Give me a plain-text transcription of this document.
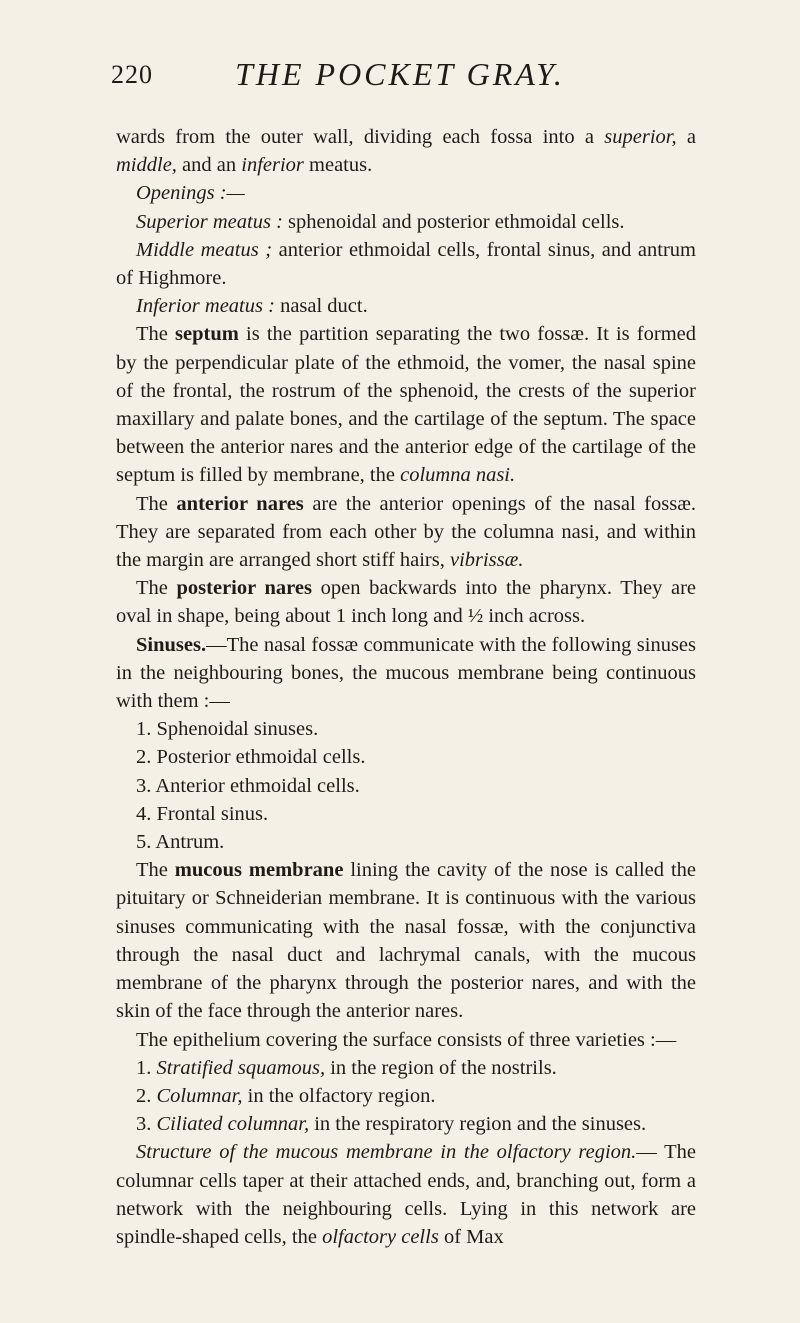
220	THE POCKET GRAY.

wards from the outer wall, dividing each fossa into a superior, a middle, and an inferior meatus.

Openings :—

Superior meatus : sphenoidal and posterior ethmoidal cells.

Middle meatus ; anterior ethmoidal cells, frontal sinus, and antrum of Highmore.

Inferior meatus : nasal duct.

The septum is the partition separating the two fossæ. It is formed by the perpendicular plate of the ethmoid, the vomer, the nasal spine of the frontal, the rostrum of the sphenoid, the crests of the superior maxillary and palate bones, and the cartilage of the septum. The space between the anterior nares and the anterior edge of the cartilage of the septum is filled by membrane, the columna nasi.

The anterior nares are the anterior openings of the nasal fossæ. They are separated from each other by the columna nasi, and within the margin are arranged short stiff hairs, vibrissæ.

The posterior nares open backwards into the pharynx. They are oval in shape, being about 1 inch long and ½ inch across.

Sinuses.—The nasal fossæ communicate with the following sinuses in the neighbouring bones, the mucous membrane being continuous with them :—

1. Sphenoidal sinuses.

2. Posterior ethmoidal cells.

3. Anterior ethmoidal cells.

4. Frontal sinus.

5. Antrum.

The mucous membrane lining the cavity of the nose is called the pituitary or Schneiderian membrane. It is continuous with the various sinuses communicating with the nasal fossæ, with the conjunctiva through the nasal duct and lachrymal canals, with the mucous membrane of the pharynx through the posterior nares, and with the skin of the face through the anterior nares.

The epithelium covering the surface consists of three varieties :—

1. Stratified squamous, in the region of the nostrils.

2. Columnar, in the olfactory region.

3. Ciliated columnar, in the respiratory region and the sinuses.

Structure of the mucous membrane in the olfactory region.— The columnar cells taper at their attached ends, and, branching out, form a network with the neighbouring cells. Lying in this network are spindle-shaped cells, the olfactory cells of Max
